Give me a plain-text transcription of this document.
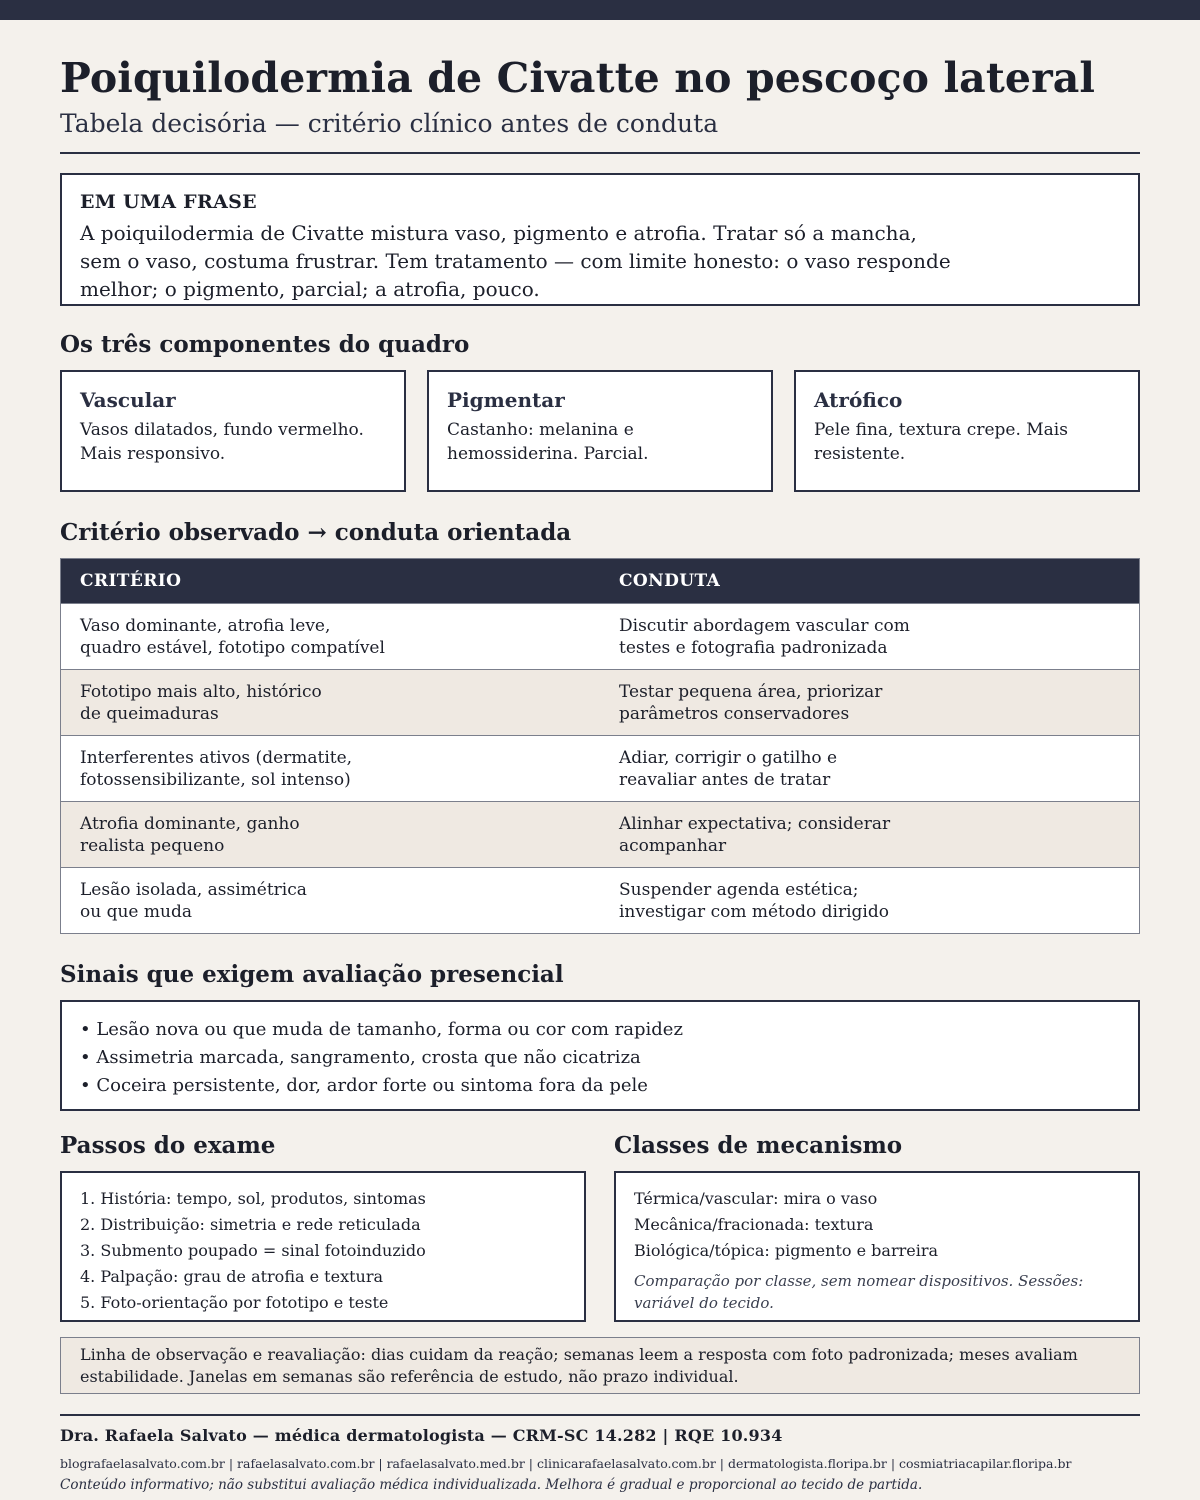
Poiquilodermia de Civatte no pescoço lateral
Tabela decisória — critério clínico antes de conduta
EM UMA FRASE
A poiquilodermia de Civatte mistura vaso, pigmento e atrofia. Tratar só a mancha, sem o vaso, costuma frustrar. Tem tratamento — com limite honesto: o vaso responde melhor; o pigmento, parcial; a atrofia, pouco.
Os três componentes do quadro
Vascular
Vasos dilatados, fundo vermelho. Mais responsivo.
Pigmentar
Castanho: melanina e hemossiderina. Parcial.
Atrófico
Pele fina, textura crepe. Mais resistente.
Critério observado → conduta orientada
CRITÉRIO	CONDUTA
Vaso dominante, atrofia leve,
quadro estável, fototipo compatível
Discutir abordagem vascular com
testes e fotografia padronizada
Fototipo mais alto, histórico
de queimaduras
Testar pequena área, priorizar
parâmetros conservadores
Interferentes ativos (dermatite,
fotossensibilizante, sol intenso)
Adiar, corrigir o gatilho e
reavaliar antes de tratar
Atrofia dominante, ganho
realista pequeno
Alinhar expectativa; considerar
acompanhar
Lesão isolada, assimétrica
ou que muda
Suspender agenda estética;
investigar com método dirigido
Sinais que exigem avaliação presencial
• Lesão nova ou que muda de tamanho, forma ou cor com rapidez
• Assimetria marcada, sangramento, crosta que não cicatriza
• Coceira persistente, dor, ardor forte ou sintoma fora da pele
Passos do exame
1. História: tempo, sol, produtos, sintomas
2. Distribuição: simetria e rede reticulada
3. Submento poupado = sinal fotoinduzido
4. Palpação: grau de atrofia e textura
5. Foto-orientação por fototipo e teste
Classes de mecanismo

Térmica/vascular: mira o vaso

Mecânica/fracionada: textura

Biológica/tópica: pigmento e barreira

Comparação por classe, sem nomear dispositivos. Sessões: variável do tecido.

Linha de observação e reavaliação: dias cuidam da reação; semanas leem a resposta com foto padronizada; meses avaliam estabilidade. Janelas em semanas são referência de estudo, não prazo individual.

Dra. Rafaela Salvato — médica dermatologista — CRM-SC 14.282 | RQE 10.934
blografaelasalvato.com.br | rafaelasalvato.com.br | rafaelasalvato.med.br | clinicarafaelasalvato.com.br | dermatologista.floripa.br | cosmiatriacapilar.floripa.br
Conteúdo informativo; não substitui avaliação médica individualizada. Melhora é gradual e proporcional ao tecido de partida.
